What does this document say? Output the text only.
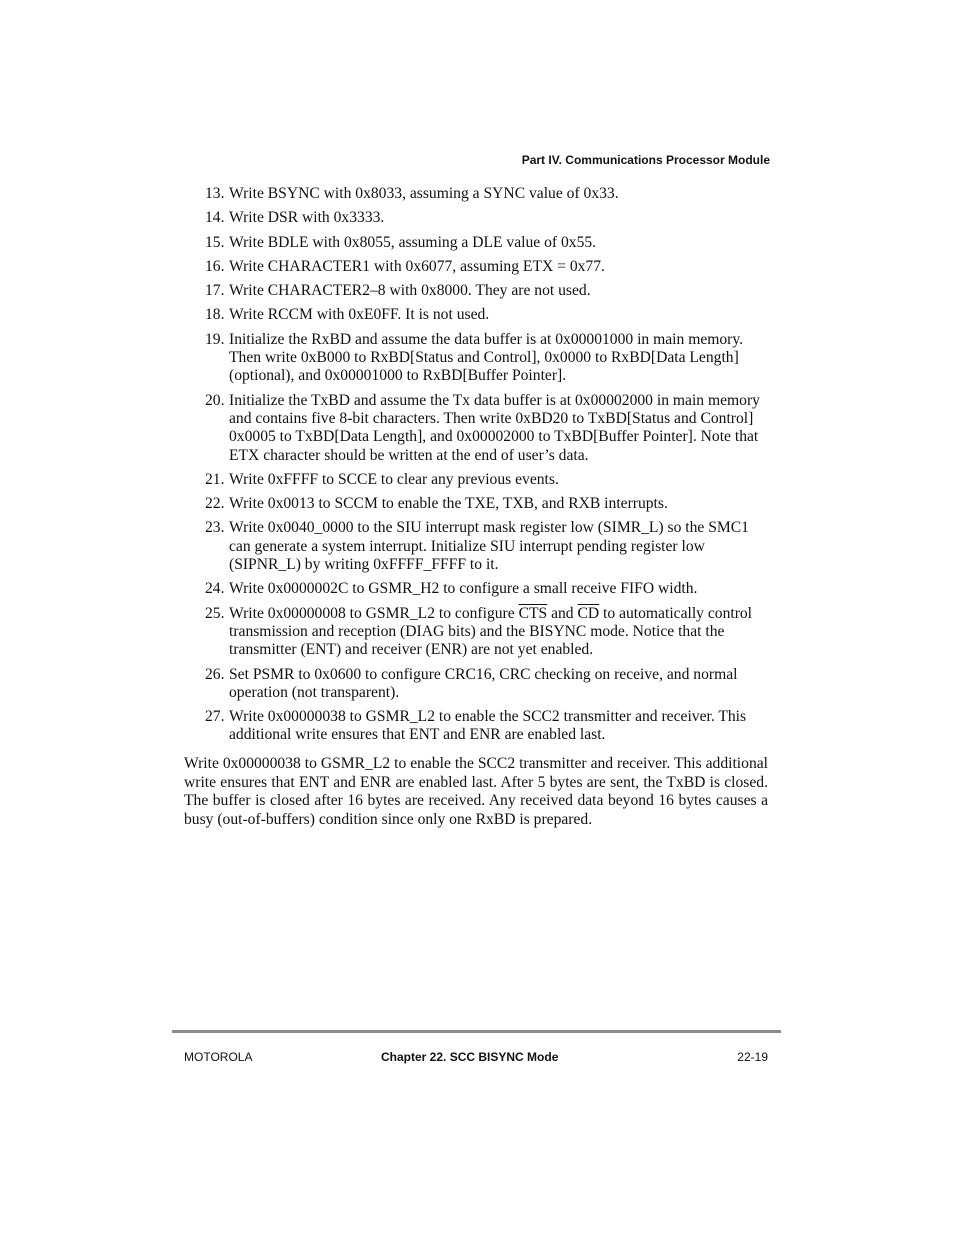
Part IV. Communications Processor Module
13. Write BSYNC with 0x8033, assuming a SYNC value of 0x33.
14. Write DSR with 0x3333.
15. Write BDLE with 0x8055, assuming a DLE value of 0x55.
16. Write CHARACTER1 with 0x6077, assuming ETX = 0x77.
17. Write CHARACTER2–8 with 0x8000. They are not used.
18. Write RCCM with 0xE0FF. It is not used.
19. Initialize the RxBD and assume the data buffer is at 0x00001000 in main memory. Then write 0xB000 to RxBD[Status and Control], 0x0000 to RxBD[Data Length] (optional), and 0x00001000 to RxBD[Buffer Pointer].
20. Initialize the TxBD and assume the Tx data buffer is at 0x00002000 in main memory and contains five 8-bit characters. Then write 0xBD20 to TxBD[Status and Control] 0x0005 to TxBD[Data Length], and 0x00002000 to TxBD[Buffer Pointer]. Note that ETX character should be written at the end of user’s data.
21. Write 0xFFFF to SCCE to clear any previous events.
22. Write 0x0013 to SCCM to enable the TXE, TXB, and RXB interrupts.
23. Write 0x0040_0000 to the SIU interrupt mask register low (SIMR_L) so the SMC1 can generate a system interrupt. Initialize SIU interrupt pending register low (SIPNR_L) by writing 0xFFFF_FFFF to it.
24. Write 0x0000002C to GSMR_H2 to configure a small receive FIFO width.
25. Write 0x00000008 to GSMR_L2 to configure $\overline{CTS}$ and $\overline{CD}$ to automatically control transmission and reception (DIAG bits) and the BISYNC mode. Notice that the transmitter (ENT) and receiver (ENR) are not yet enabled.
26. Set PSMR to 0x0600 to configure CRC16, CRC checking on receive, and normal operation (not transparent).
27. Write 0x00000038 to GSMR_L2 to enable the SCC2 transmitter and receiver. This additional write ensures that ENT and ENR are enabled last.

Write 0x00000038 to GSMR_L2 to enable the SCC2 transmitter and receiver. This additional write ensures that ENT and ENR are enabled last. After 5 bytes are sent, the TxBD is closed. The buffer is closed after 16 bytes are received. Any received data beyond 16 bytes causes a busy (out-of-buffers) condition since only one RxBD is prepared.

MOTOROLA	Chapter 22. SCC BISYNC Mode	22-19
